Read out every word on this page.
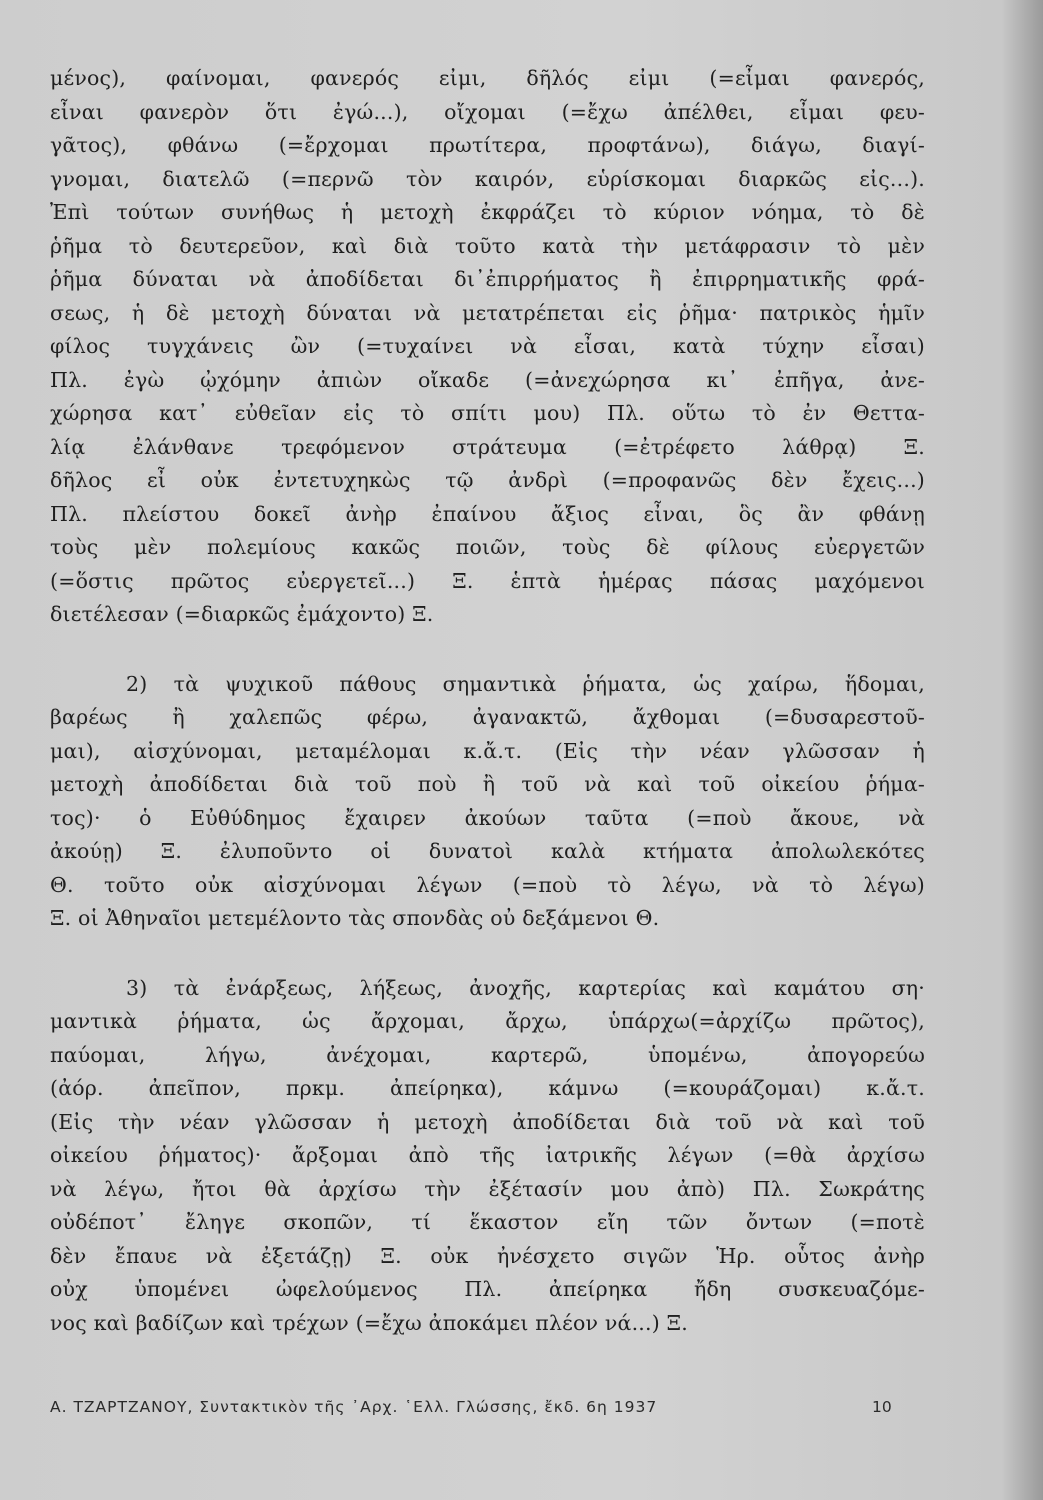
μένος), φαίνομαι, φανερός εἰμι, δῆλός εἰμι (=εἶμαι φανερός,
εἶναι φανερὸν ὅτι ἐγώ...), οἴχομαι (=ἔχω ἀπέλθει, εἶμαι φευ-
γᾶτος), φθάνω (=ἔρχομαι πρωτίτερα, προφτάνω), διάγω, διαγί-
γνομαι, διατελῶ (=περνῶ τὸν καιρόν, εὑρίσκομαι διαρκῶς εἰς...).
Ἐπὶ τούτων συνήθως ἡ μετοχὴ ἐκφράζει τὸ κύριον νόημα, τὸ δὲ
ῥῆμα τὸ δευτερεῦον, καὶ διὰ τοῦτο κατὰ τὴν μετάφρασιν τὸ μὲν
ῥῆμα δύναται νὰ ἀποδίδεται δι᾽ἐπιρρήματος ἢ ἐπιρρηματικῆς φρά-
σεως, ἡ δὲ μετοχὴ δύναται νὰ μετατρέπεται εἰς ῥῆμα· πατρικὸς ἡμῖν
φίλος τυγχάνεις ὢν (=τυχαίνει νὰ εἶσαι, κατὰ τύχην εἶσαι)
Πλ. ἐγὼ ᾠχόμην ἀπιὼν οἴκαδε (=ἀνεχώρησα κι᾽ ἐπῆγα, ἀνε-
χώρησα κατ᾽ εὐθεῖαν εἰς τὸ σπίτι μου) Πλ. οὕτω τὸ ἐν Θεττα-
λίᾳ ἐλάνθανε τρεφόμενον στράτευμα (=ἐτρέφετο λάθρᾳ) Ξ.
δῆλος εἶ οὐκ ἐντετυχηκὼς τῷ ἀνδρὶ (=προφανῶς δὲν ἔχεις...)
Πλ. πλείστου δοκεῖ ἀνὴρ ἐπαίνου ἄξιος εἶναι, ὃς ἂν φθάνῃ
τοὺς μὲν πολεμίους κακῶς ποιῶν, τοὺς δὲ φίλους εὐεργετῶν
(=ὅστις πρῶτος εὐεργετεῖ...) Ξ. ἑπτὰ ἡμέρας πάσας μαχόμενοι
διετέλεσαν (=διαρκῶς ἐμάχοντο) Ξ.
2) τὰ ψυχικοῦ πάθους σημαντικὰ ῥήματα, ὡς χαίρω, ἥδομαι,
βαρέως ἢ χαλεπῶς φέρω, ἀγανακτῶ, ἄχθομαι (=δυσαρεστοῦ-
μαι), αἰσχύνομαι, μεταμέλομαι κ.ἄ.τ. (Εἰς τὴν νέαν γλῶσσαν ἡ
μετοχὴ ἀποδίδεται διὰ τοῦ ποὺ ἢ τοῦ νὰ καὶ τοῦ οἰκείου ῥήμα-
τος)· ὁ Εὐθύδημος ἔχαιρεν ἀκούων ταῦτα (=ποὺ ἄκουε, νὰ
ἀκούῃ) Ξ. ἐλυποῦντο οἱ δυνατοὶ καλὰ κτήματα ἀπολωλεκότες
Θ. τοῦτο οὐκ αἰσχύνομαι λέγων (=ποὺ τὸ λέγω, νὰ τὸ λέγω)
Ξ. οἱ Ἀθηναῖοι μετεμέλοντο τὰς σπονδὰς οὐ δεξάμενοι Θ.
3) τὰ ἐνάρξεως, λήξεως, ἀνοχῆς, καρτερίας καὶ καμάτου ση·
μαντικὰ ῥήματα, ὡς ἄρχομαι, ἄρχω, ὑπάρχω(=ἀρχίζω πρῶτος),
παύομαι, λήγω, ἀνέχομαι, καρτερῶ, ὑπομένω, ἀπογορεύω
(ἀόρ. ἀπεῖπον, πρκμ. ἀπείρηκα), κάμνω (=κουράζομαι) κ.ἄ.τ.
(Εἰς τὴν νέαν γλῶσσαν ἡ μετοχὴ ἀποδίδεται διὰ τοῦ νὰ καὶ τοῦ
οἰκείου ῥήματος)· ἄρξομαι ἀπὸ τῆς ἰατρικῆς λέγων (=θὰ ἀρχίσω
νὰ λέγω, ἤτοι θὰ ἀρχίσω τὴν ἐξέτασίν μου ἀπὸ) Πλ. Σωκράτης
οὐδέποτ᾽ ἔληγε σκοπῶν, τί ἕκαστον εἴη τῶν ὄντων (=ποτὲ
δὲν ἔπαυε νὰ ἐξετάζῃ) Ξ. οὐκ ἠνέσχετο σιγῶν Ἡρ. οὗτος ἀνὴρ
οὐχ ὑπομένει ὠφελούμενος Πλ. ἀπείρηκα ἤδη συσκευαζόμε-
νος καὶ βαδίζων καὶ τρέχων (=ἔχω ἀποκάμει πλέον νά...) Ξ.
Α. ΤΖΑΡΤΖΑΝΟΥ, Συντακτικὸν τῆς ᾿Αρχ. ῾Ελλ. Γλώσσης, ἔκδ. 6η 1937	10
